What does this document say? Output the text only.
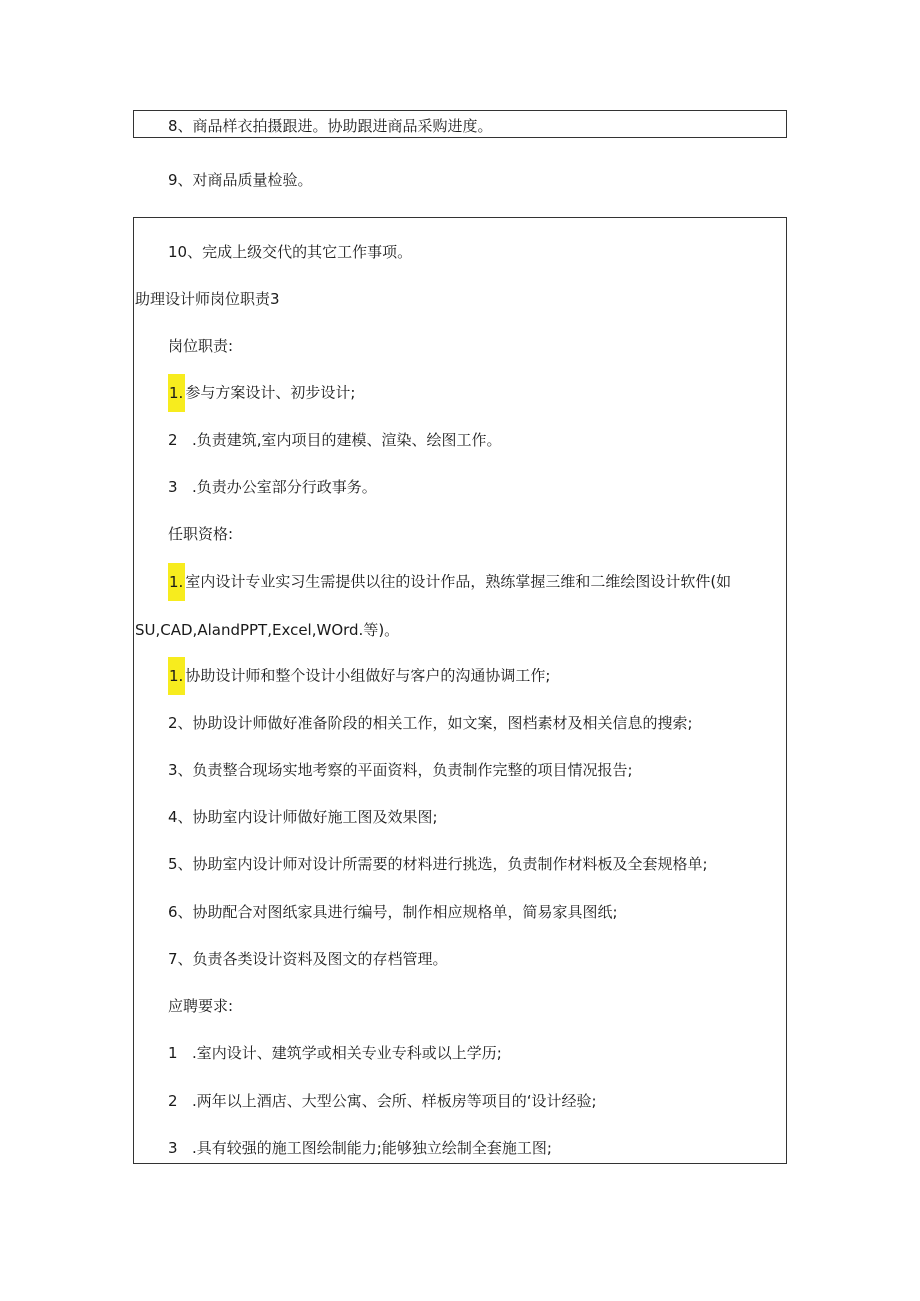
8、商品样衣拍摄跟进。协助跟进商品采购进度。
9、对商品质量检验。
10、完成上级交代的其它工作事项。
助理设计师岗位职责3
岗位职责:
1. 参与方案设计、初步设计;
2 .负责建筑,室内项目的建模、渲染、绘图工作。
3 .负责办公室部分行政事务。
任职资格:
1. 室内设计专业实习生需提供以往的设计作品，熟练掌握三维和二维绘图设计软件(如
SU,CAD,AlandPPT,Excel,WOrd.等)。
1. 协助设计师和整个设计小组做好与客户的沟通协调工作;
2、协助设计师做好准备阶段的相关工作，如文案，图档素材及相关信息的搜索;
3、负责整合现场实地考察的平面资料，负责制作完整的项目情况报告;
4、协助室内设计师做好施工图及效果图;
5、协助室内设计师对设计所需要的材料进行挑选，负责制作材料板及全套规格单;
6、协助配合对图纸家具进行编号，制作相应规格单，简易家具图纸;
7、负责各类设计资料及图文的存档管理。
应聘要求:
1 .室内设计、建筑学或相关专业专科或以上学历;
2 .两年以上酒店、大型公寓、会所、样板房等项目的‘设计经验;
3 .具有较强的施工图绘制能力;能够独立绘制全套施工图;
